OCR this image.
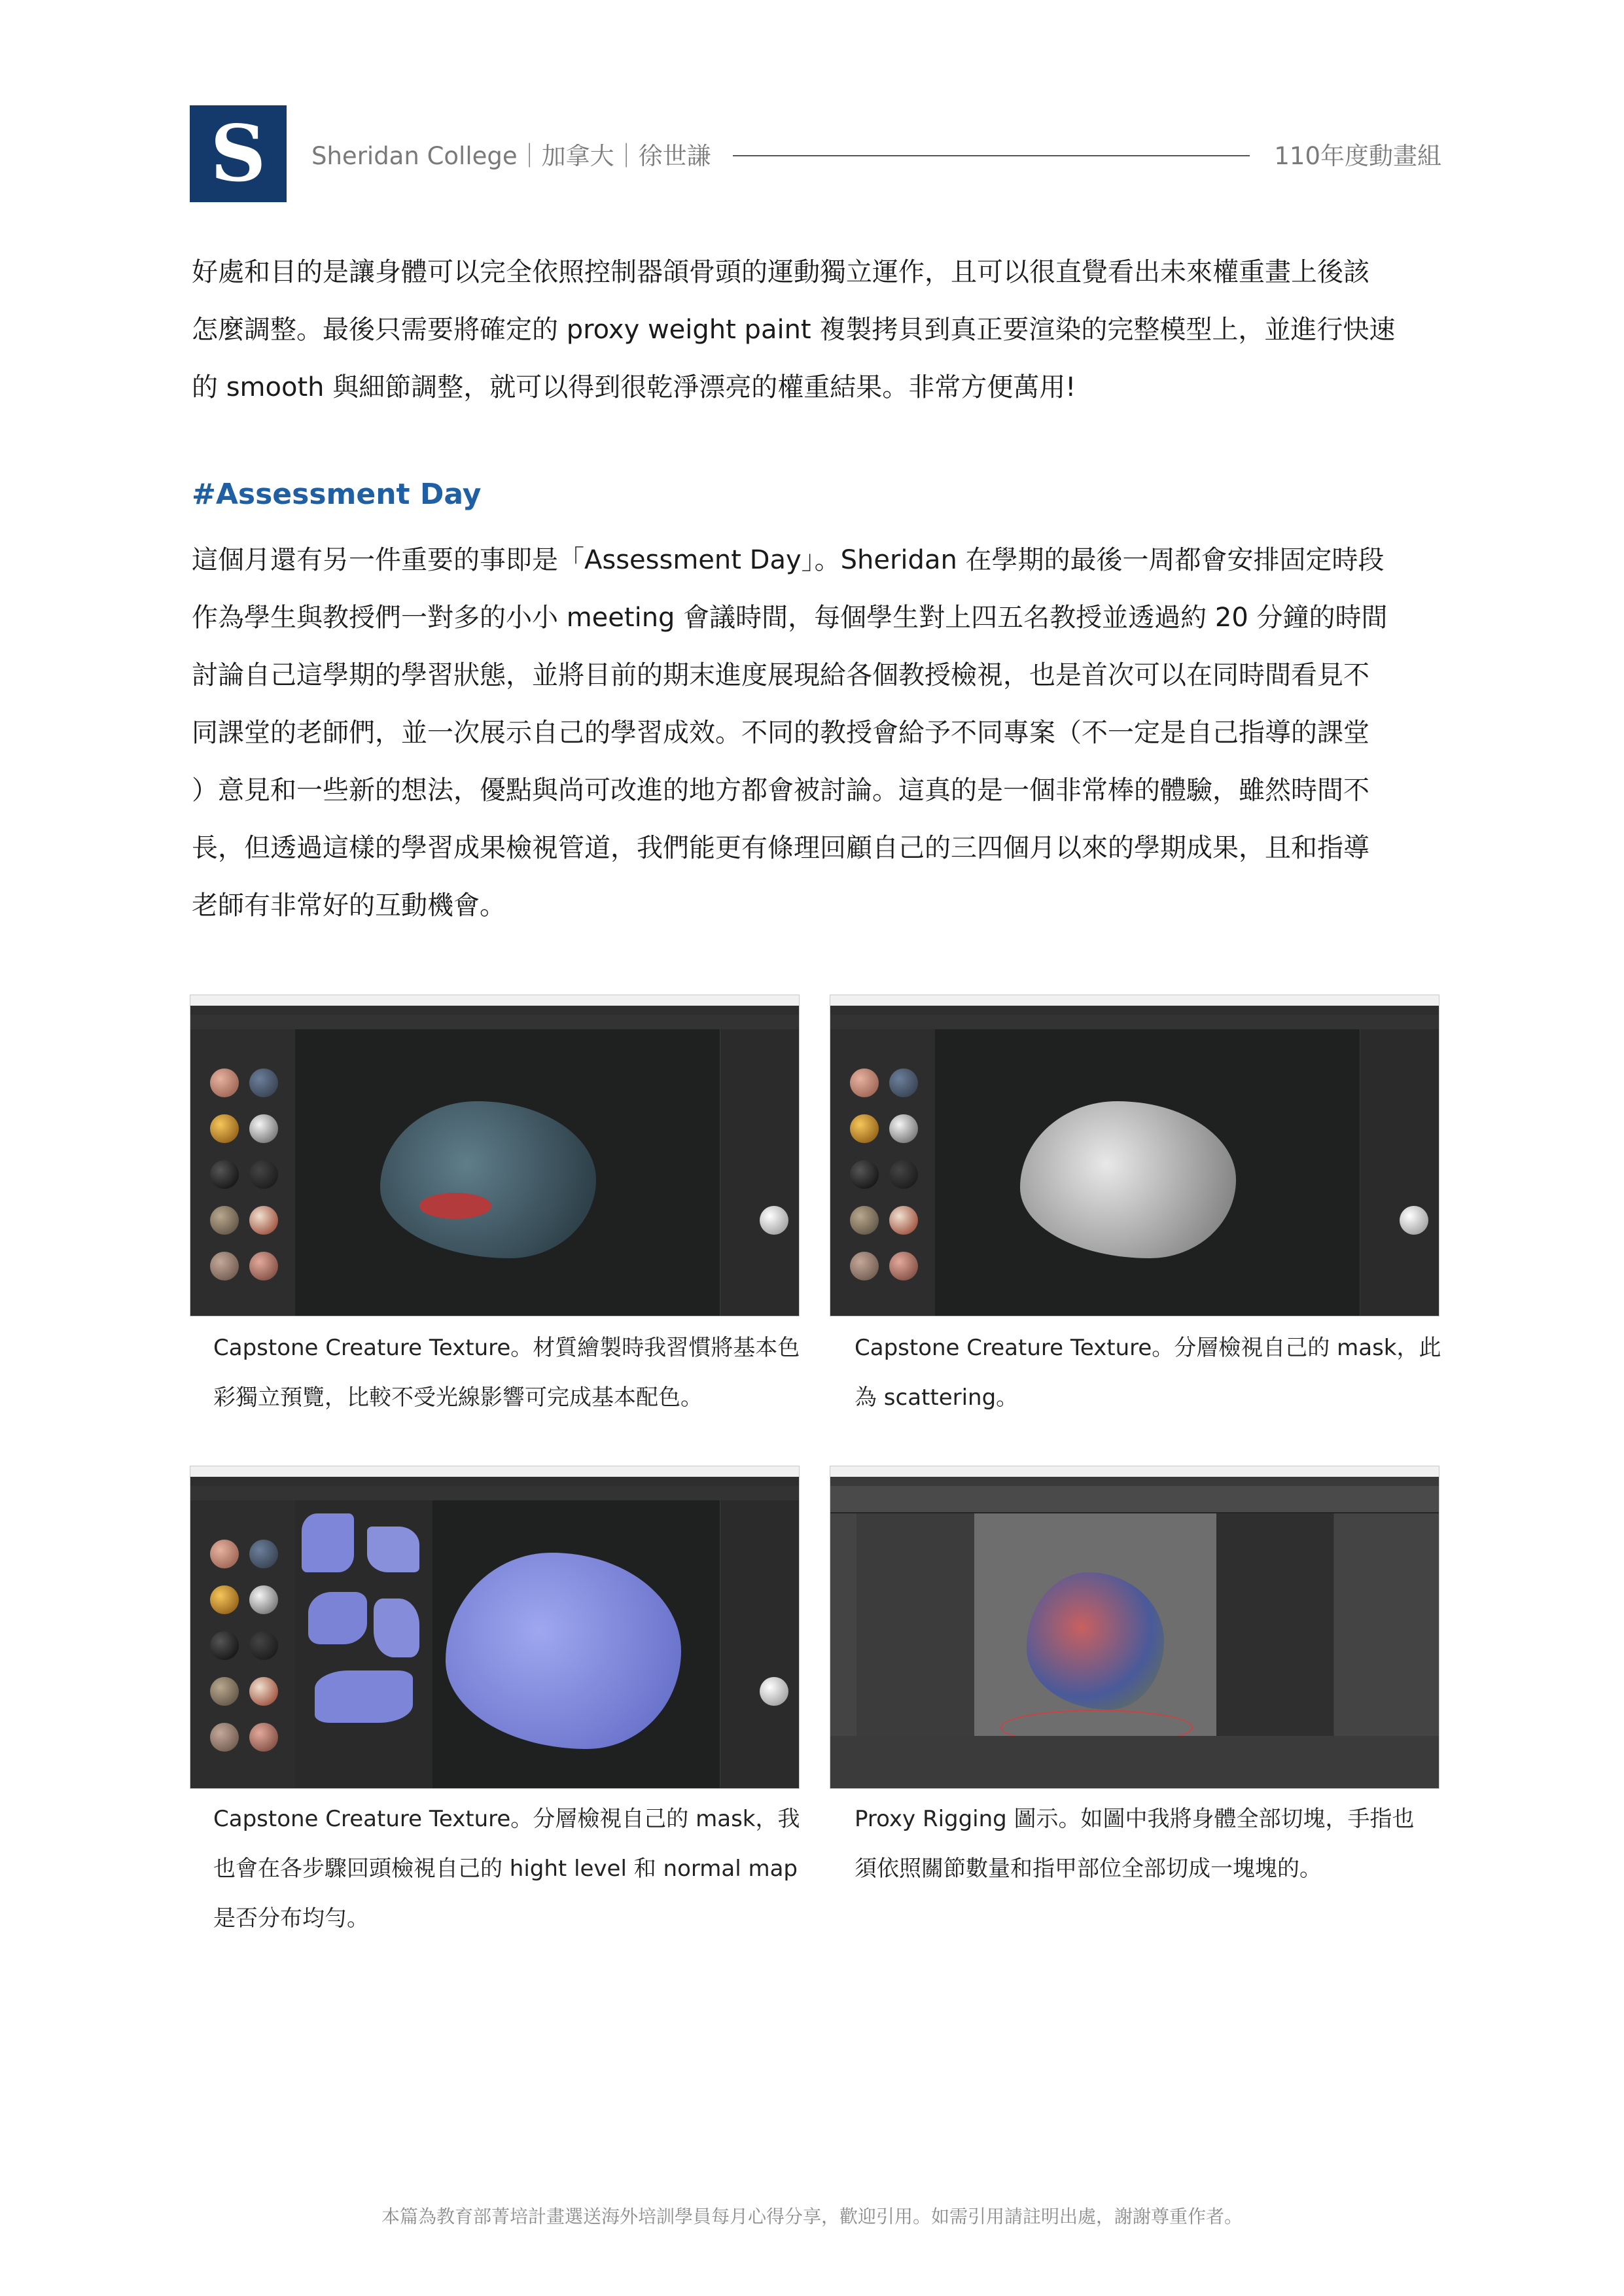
S	Sheridan College｜加拿大｜徐世謙	110年度動畫組

好處和目的是讓身體可以完全依照控制器頜骨頭的運動獨立運作，且可以很直覺看出未來權重畫上後該

怎麼調整。最後只需要將確定的 proxy weight paint 複製拷貝到真正要渲染的完整模型上，並進行快速

的 smooth 與細節調整，就可以得到很乾淨漂亮的權重結果。非常方便萬用!

#Assessment Day

這個月還有另一件重要的事即是「Assessment Day」。Sheridan 在學期的最後一周都會安排固定時段

作為學生與教授們一對多的小小 meeting 會議時間，每個學生對上四五名教授並透過約 20 分鐘的時間

討論自己這學期的學習狀態，並將目前的期末進度展現給各個教授檢視，也是首次可以在同時間看見不

同課堂的老師們，並一次展示自己的學習成效。不同的教授會給予不同專案（不一定是自己指導的課堂

）意見和一些新的想法，優點與尚可改進的地方都會被討論。這真的是一個非常棒的體驗，雖然時間不

長，但透過這樣的學習成果檢視管道，我們能更有條理回顧自己的三四個月以來的學期成果，且和指導

老師有非常好的互動機會。

Capstone Creature Texture。材質繪製時我習慣將基本色

彩獨立預覽，比較不受光線影響可完成基本配色。

Capstone Creature Texture。分層檢視自己的 mask，此

為 scattering。

Capstone Creature Texture。分層檢視自己的 mask，我

也會在各步驟回頭檢視自己的 hight level 和 normal map

是否分布均勻。

Proxy Rigging 圖示。如圖中我將身體全部切塊，手指也

須依照關節數量和指甲部位全部切成一塊塊的。

本篇為教育部菁培計畫選送海外培訓學員每月心得分享，歡迎引用。如需引用請註明出處，謝謝尊重作者。
